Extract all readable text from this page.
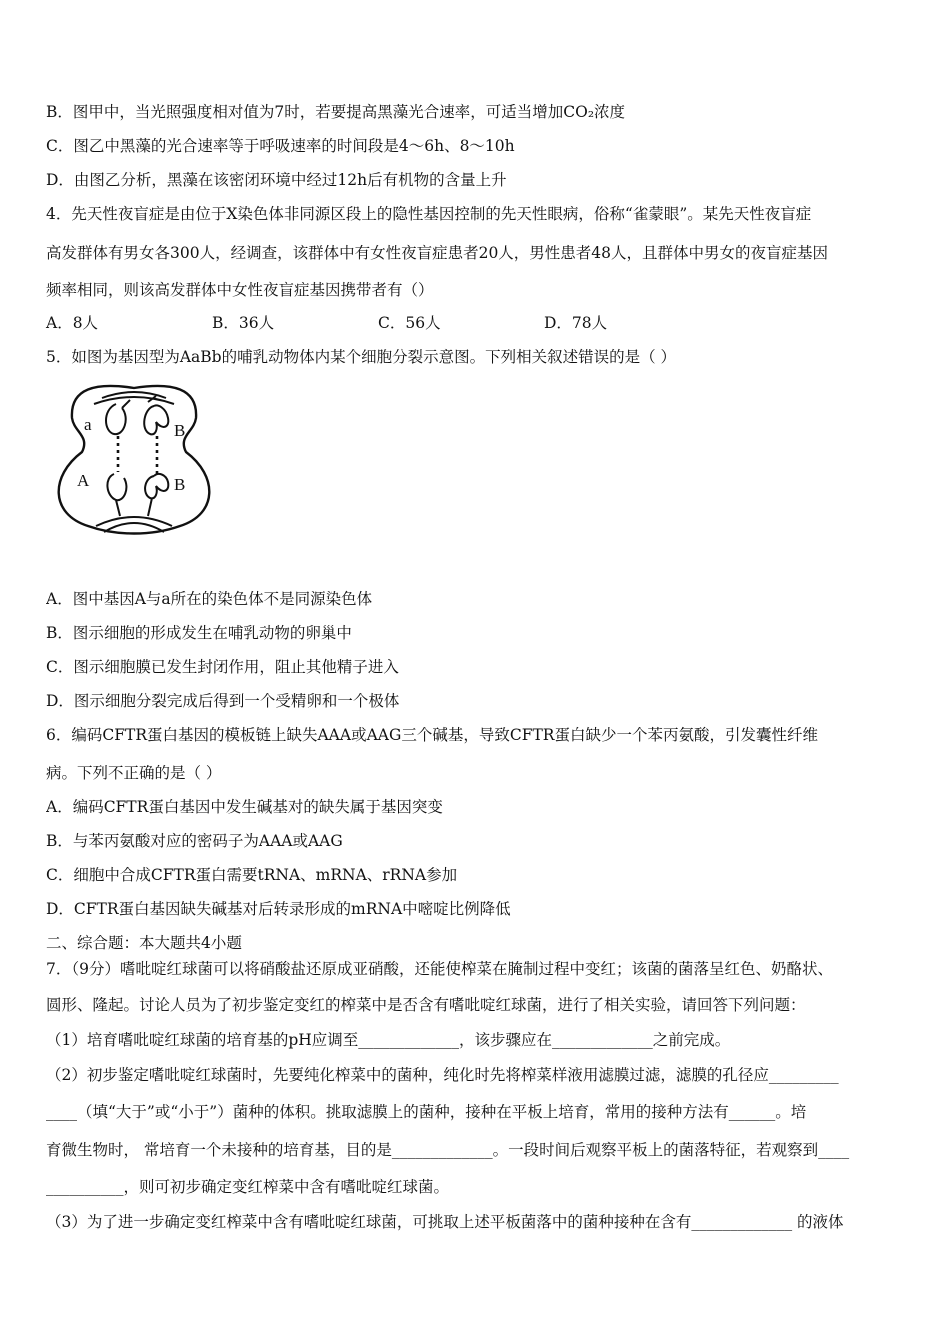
B．图甲中，当光照强度相对值为7时，若要提高黑藻光合速率，可适当增加CO₂浓度
C．图乙中黑藻的光合速率等于呼吸速率的时间段是4～6h、8～10h
D．由图乙分析，黑藻在该密闭环境中经过12h后有机物的含量上升
4．先天性夜盲症是由位于X染色体非同源区段上的隐性基因控制的先天性眼病，俗称“雀蒙眼”。某先天性夜盲症
高发群体有男女各300人，经调查，该群体中有女性夜盲症患者20人，男性患者48人，且群体中男女的夜盲症基因
频率相同，则该高发群体中女性夜盲症基因携带者有（）
A．8人	B．36人	C．56人	D．78人
5．如图为基因型为AaBb的哺乳动物体内某个细胞分裂示意图。下列相关叙述错误的是（ ）
a	B
A	B
A．图中基因A与a所在的染色体不是同源染色体
B．图示细胞的形成发生在哺乳动物的卵巢中
C．图示细胞膜已发生封闭作用，阻止其他精子进入
D．图示细胞分裂完成后得到一个受精卵和一个极体
6．编码CFTR蛋白基因的模板链上缺失AAA或AAG三个碱基，导致CFTR蛋白缺少一个苯丙氨酸，引发囊性纤维
病。下列不正确的是（ ）
A．编码CFTR蛋白基因中发生碱基对的缺失属于基因突变
B．与苯丙氨酸对应的密码子为AAA或AAG
C．细胞中合成CFTR蛋白需要tRNA、mRNA、rRNA参加
D．CFTR蛋白基因缺失碱基对后转录形成的mRNA中嘧啶比例降低
二、综合题：本大题共4小题
7．（9分）嗜吡啶红球菌可以将硝酸盐还原成亚硝酸，还能使榨菜在腌制过程中变红；该菌的菌落呈红色、奶酪状、
圆形、隆起。讨论人员为了初步鉴定变红的榨菜中是否含有嗜吡啶红球菌，进行了相关实验，请回答下列问题：
（1）培育嗜吡啶红球菌的培育基的pH应调至_____________，该步骤应在_____________之前完成。
（2）初步鉴定嗜吡啶红球菌时，先要纯化榨菜中的菌种，纯化时先将榨菜样液用滤膜过滤，滤膜的孔径应_________
____（填“大于”或“小于”）菌种的体积。挑取滤膜上的菌种，接种在平板上培育，常用的接种方法有______。培
育微生物时， 常培育一个未接种的培育基，目的是_____________。一段时间后观察平板上的菌落特征，若观察到____
__________，则可初步确定变红榨菜中含有嗜吡啶红球菌。
（3）为了进一步确定变红榨菜中含有嗜吡啶红球菌，可挑取上述平板菌落中的菌种接种在含有_____________ 的液体
